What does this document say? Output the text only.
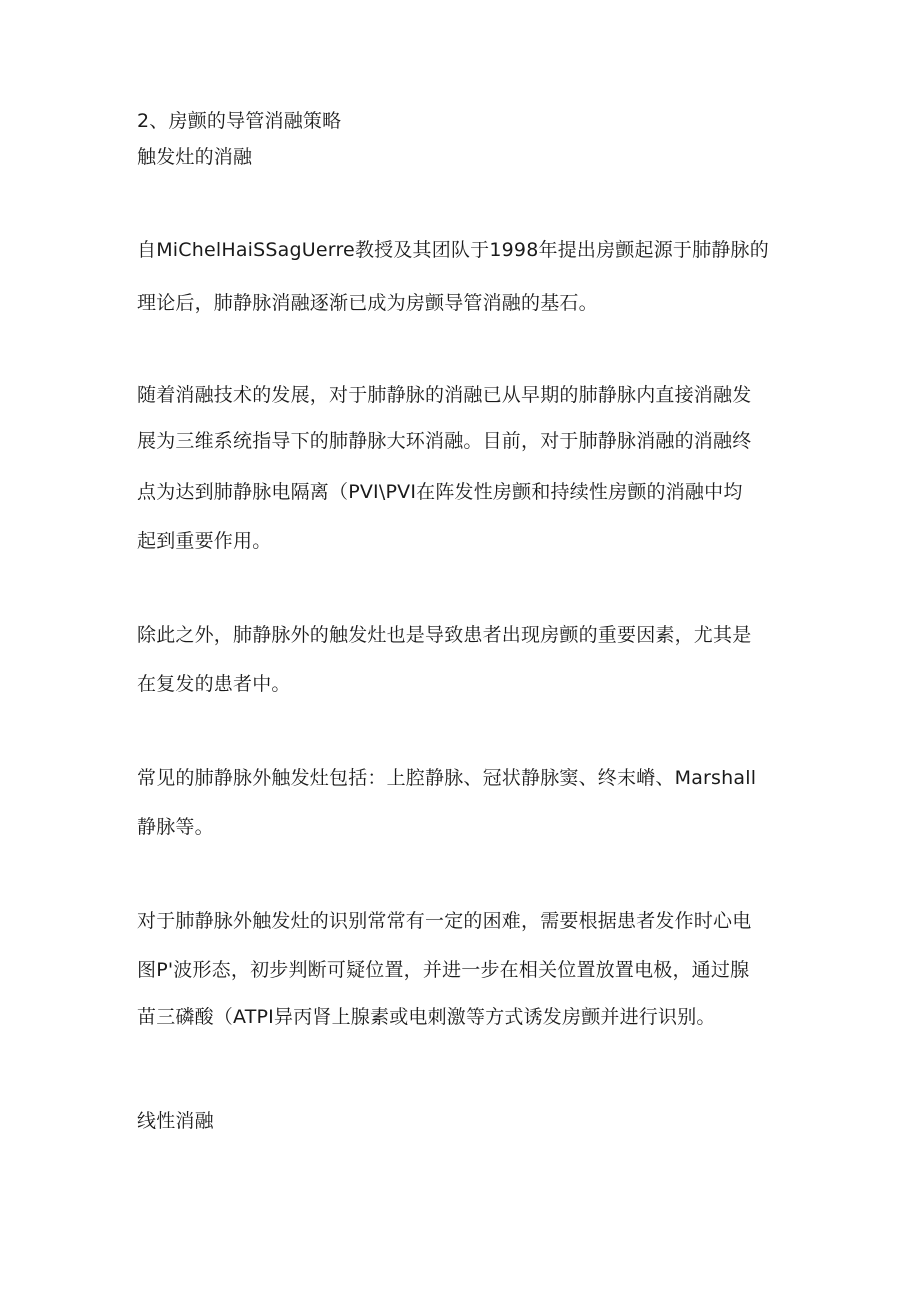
2、房颤的导管消融策略
触发灶的消融
自MiChelHaiSSagUerre教授及其团队于1998年提出房颤起源于肺静脉的
理论后，肺静脉消融逐渐已成为房颤导管消融的基石。
随着消融技术的发展，对于肺静脉的消融已从早期的肺静脉内直接消融发
展为三维系统指导下的肺静脉大环消融。目前，对于肺静脉消融的消融终
点为达到肺静脉电隔离（PVI\PVI在阵发性房颤和持续性房颤的消融中均
起到重要作用。
除此之外，肺静脉外的触发灶也是导致患者出现房颤的重要因素，尤其是
在复发的患者中。
常见的肺静脉外触发灶包括：上腔静脉、冠状静脉窦、终末嵴、Marshall
静脉等。
对于肺静脉外触发灶的识别常常有一定的困难，需要根据患者发作时心电
图P'波形态，初步判断可疑位置，并进一步在相关位置放置电极，通过腺
苗三磷酸（ATPI异丙肾上腺素或电刺激等方式诱发房颤并进行识别。
线性消融
